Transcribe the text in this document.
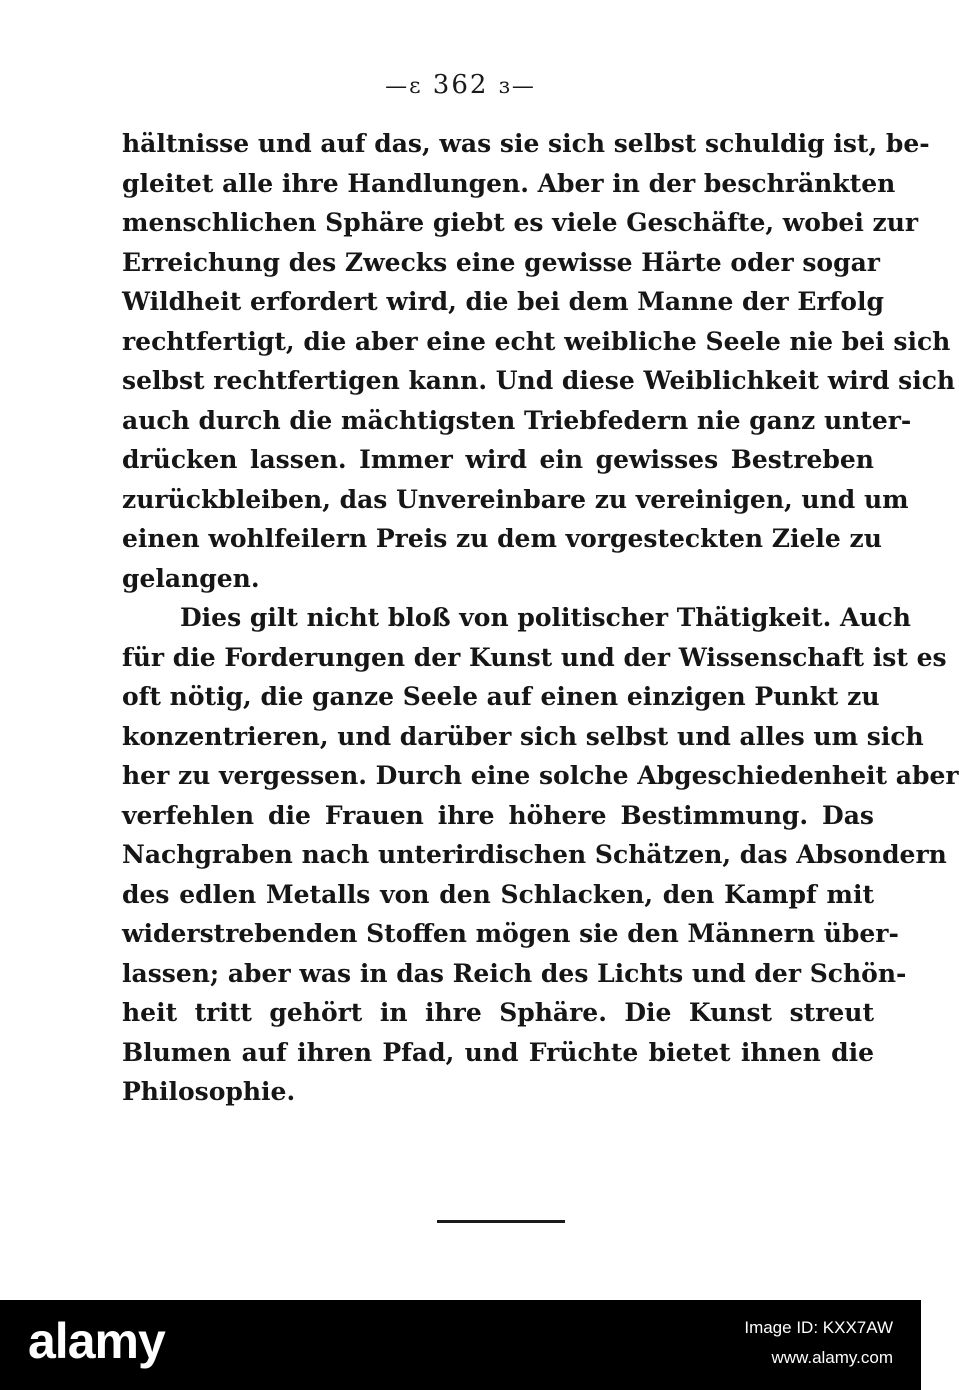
—ɛ 362 ɜ—
hältnisse und auf das, was sie sich selbst schuldig ist, be-
gleitet alle ihre Handlungen. Aber in der beschränkten
menschlichen Sphäre giebt es viele Geschäfte, wobei zur
Erreichung des Zwecks eine gewisse Härte oder sogar
Wildheit erfordert wird, die bei dem Manne der Erfolg
rechtfertigt, die aber eine echt weibliche Seele nie bei sich
selbst rechtfertigen kann. Und diese Weiblichkeit wird sich
auch durch die mächtigsten Triebfedern nie ganz unter-
drücken lassen. Immer wird ein gewisses Bestreben
zurückbleiben, das Unvereinbare zu vereinigen, und um
einen wohlfeilern Preis zu dem vorgesteckten Ziele zu
gelangen.
Dies gilt nicht bloß von politischer Thätigkeit. Auch
für die Forderungen der Kunst und der Wissenschaft ist es
oft nötig, die ganze Seele auf einen einzigen Punkt zu
konzentrieren, und darüber sich selbst und alles um sich
her zu vergessen. Durch eine solche Abgeschiedenheit aber
verfehlen die Frauen ihre höhere Bestimmung. Das
Nachgraben nach unterirdischen Schätzen, das Absondern
des edlen Metalls von den Schlacken, den Kampf mit
widerstrebenden Stoffen mögen sie den Männern über-
lassen; aber was in das Reich des Lichts und der Schön-
heit tritt gehört in ihre Sphäre. Die Kunst streut
Blumen auf ihren Pfad, und Früchte bietet ihnen die
Philosophie.
alamy	Image ID: KXX7AW
www.alamy.com
